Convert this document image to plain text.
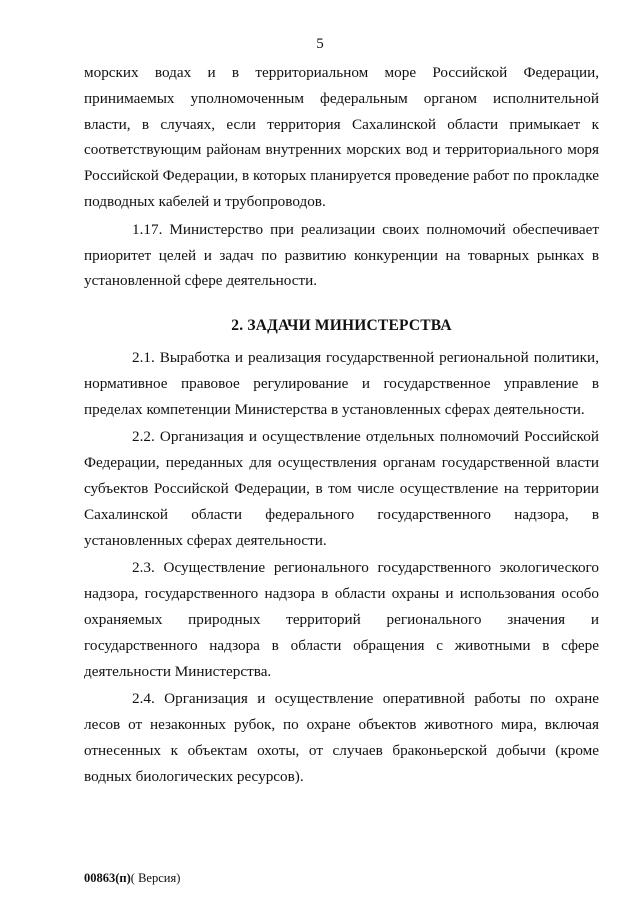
5

морских водах и в территориальном море Российской Федерации, принимаемых уполномоченным федеральным органом исполнительной власти, в случаях, если территория Сахалинской области примыкает к соответствующим районам внутренних морских вод и территориального моря Российской Федерации, в которых планируется проведение работ по прокладке подводных кабелей и трубопроводов.

1.17. Министерство при реализации своих полномочий обеспечивает приоритет целей и задач по развитию конкуренции на товарных рынках в установленной сфере деятельности.

2. ЗАДАЧИ МИНИСТЕРСТВА

2.1. Выработка и реализация государственной региональной политики, нормативное правовое регулирование и государственное управление в пределах компетенции Министерства в установленных сферах деятельности.

2.2. Организация и осуществление отдельных полномочий Российской Федерации, переданных для осуществления органам государственной власти субъектов Российской Федерации, в том числе осуществление на территории Сахалинской области федерального государственного надзора, в установленных сферах деятельности.

2.3. Осуществление регионального государственного экологического надзора, государственного надзора в области охраны и использования особо охраняемых природных территорий регионального значения и государственного надзора в области обращения с животными в сфере деятельности Министерства.

2.4. Организация и осуществление оперативной работы по охране лесов от незаконных рубок, по охране объектов животного мира, включая отнесенных к объектам охоты, от случаев браконьерской добычи (кроме водных биологических ресурсов).

00863(п)( Версия)
